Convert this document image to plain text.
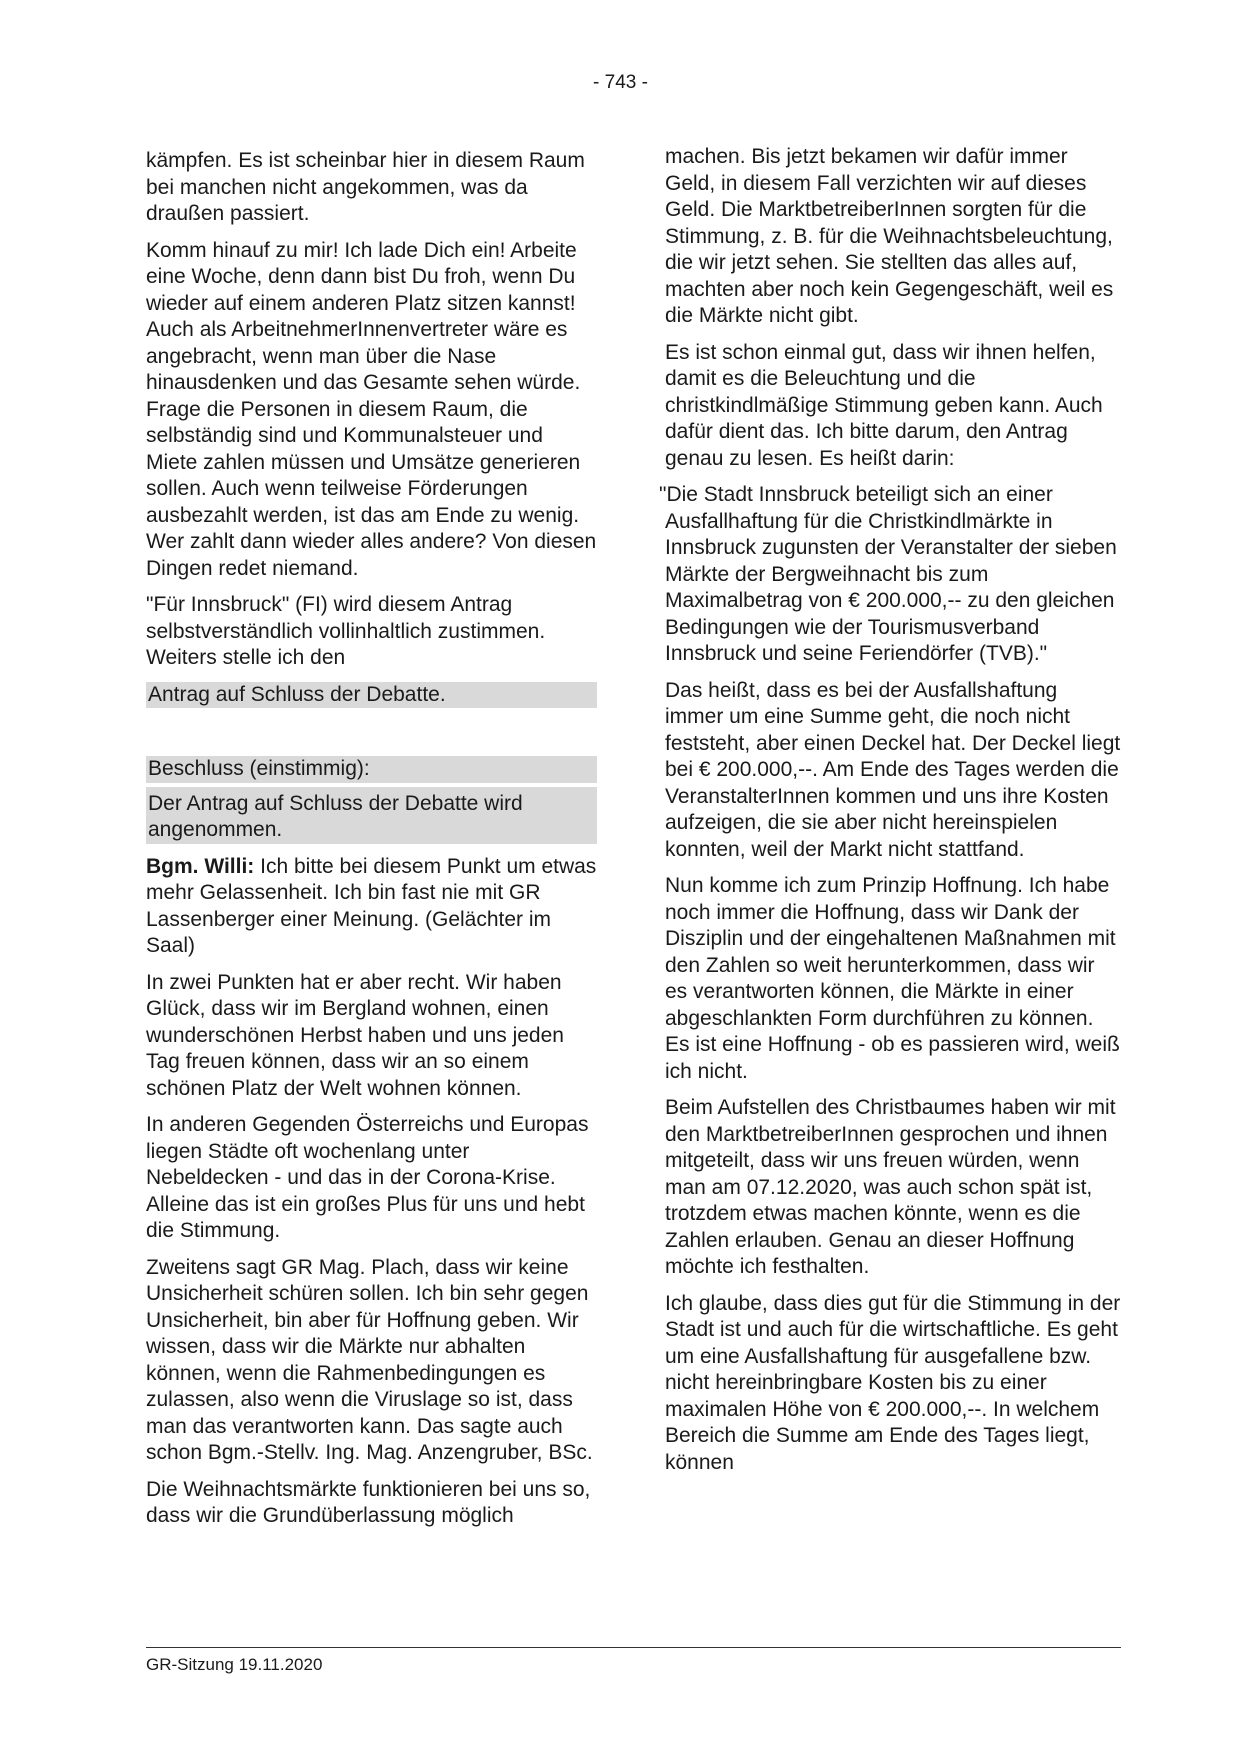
- 743 -

kämpfen. Es ist scheinbar hier in diesem Raum bei manchen nicht angekommen, was da draußen passiert.

Komm hinauf zu mir! Ich lade Dich ein! Arbeite eine Woche, denn dann bist Du froh, wenn Du wieder auf einem anderen Platz sitzen kannst! Auch als ArbeitnehmerInnenvertreter wäre es angebracht, wenn man über die Nase hinausdenken und das Gesamte sehen würde. Frage die Personen in diesem Raum, die selbständig sind und Kommunalsteuer und Miete zahlen müssen und Umsätze generieren sollen. Auch wenn teilweise Förderungen ausbezahlt werden, ist das am Ende zu wenig. Wer zahlt dann wieder alles andere? Von diesen Dingen redet niemand.

"Für Innsbruck" (FI) wird diesem Antrag selbstverständlich vollinhaltlich zustimmen. Weiters stelle ich den

Antrag auf Schluss der Debatte.
Beschluss (einstimmig):
Der Antrag auf Schluss der Debatte wird angenommen.

Bgm. Willi: Ich bitte bei diesem Punkt um etwas mehr Gelassenheit. Ich bin fast nie mit GR Lassenberger einer Meinung. (Gelächter im Saal)

In zwei Punkten hat er aber recht. Wir haben Glück, dass wir im Bergland wohnen, einen wunderschönen Herbst haben und uns jeden Tag freuen können, dass wir an so einem schönen Platz der Welt wohnen können.

In anderen Gegenden Österreichs und Europas liegen Städte oft wochenlang unter Nebeldecken - und das in der Corona-Krise. Alleine das ist ein großes Plus für uns und hebt die Stimmung.

Zweitens sagt GR Mag. Plach, dass wir keine Unsicherheit schüren sollen. Ich bin sehr gegen Unsicherheit, bin aber für Hoffnung geben. Wir wissen, dass wir die Märkte nur abhalten können, wenn die Rahmenbedingungen es zulassen, also wenn die Viruslage so ist, dass man das verantworten kann. Das sagte auch schon Bgm.-Stellv. Ing. Mag. Anzengruber, BSc.

Die Weihnachtsmärkte funktionieren bei uns so, dass wir die Grundüberlassung möglich

machen. Bis jetzt bekamen wir dafür immer Geld, in diesem Fall verzichten wir auf dieses Geld. Die MarktbetreiberInnen sorgten für die Stimmung, z. B. für die Weihnachtsbeleuchtung, die wir jetzt sehen. Sie stellten das alles auf, machten aber noch kein Gegengeschäft, weil es die Märkte nicht gibt.

Es ist schon einmal gut, dass wir ihnen helfen, damit es die Beleuchtung und die christkindlmäßige Stimmung geben kann. Auch dafür dient das. Ich bitte darum, den Antrag genau zu lesen. Es heißt darin:

"Die Stadt Innsbruck beteiligt sich an einer Ausfallhaftung für die Christkindlmärkte in Innsbruck zugunsten der Veranstalter der sieben Märkte der Bergweihnacht bis zum Maximalbetrag von € 200.000,-- zu den gleichen Bedingungen wie der Tourismusverband Innsbruck und seine Feriendörfer (TVB)."

Das heißt, dass es bei der Ausfallshaftung immer um eine Summe geht, die noch nicht feststeht, aber einen Deckel hat. Der Deckel liegt bei € 200.000,--. Am Ende des Tages werden die VeranstalterInnen kommen und uns ihre Kosten aufzeigen, die sie aber nicht hereinspielen konnten, weil der Markt nicht stattfand.

Nun komme ich zum Prinzip Hoffnung. Ich habe noch immer die Hoffnung, dass wir Dank der Disziplin und der eingehaltenen Maßnahmen mit den Zahlen so weit herunterkommen, dass wir es verantworten können, die Märkte in einer abgeschlankten Form durchführen zu können. Es ist eine Hoffnung - ob es passieren wird, weiß ich nicht.

Beim Aufstellen des Christbaumes haben wir mit den MarktbetreiberInnen gesprochen und ihnen mitgeteilt, dass wir uns freuen würden, wenn man am 07.12.2020, was auch schon spät ist, trotzdem etwas machen könnte, wenn es die Zahlen erlauben. Genau an dieser Hoffnung möchte ich festhalten.

Ich glaube, dass dies gut für die Stimmung in der Stadt ist und auch für die wirtschaftliche. Es geht um eine Ausfallshaftung für ausgefallene bzw. nicht hereinbringbare Kosten bis zu einer maximalen Höhe von € 200.000,--. In welchem Bereich die Summe am Ende des Tages liegt, können

GR-Sitzung 19.11.2020
